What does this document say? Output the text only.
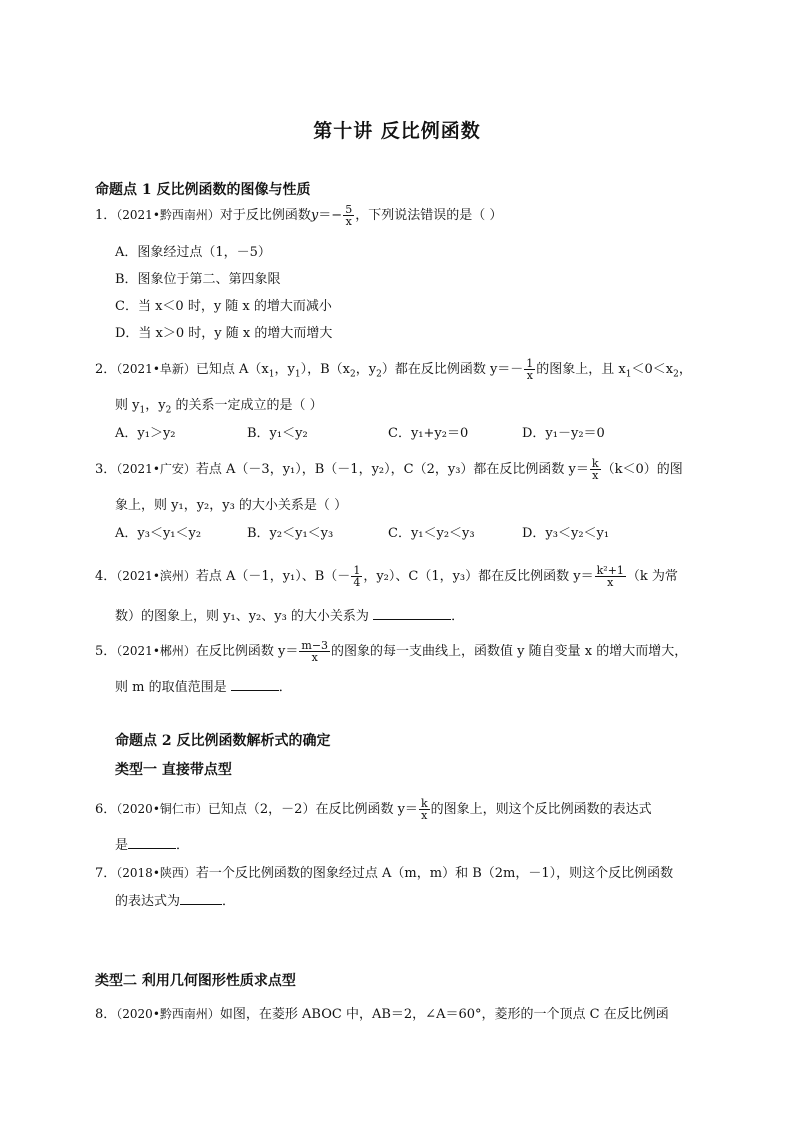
第十讲 反比例函数
命题点 1 反比例函数的图像与性质
1．（2021•黔西南州）对于反比例函数$y=- \frac{5}{x}$ ，下列说法错误的是（ ）
A．图象经过点（1，－5）
B．图象位于第二、第四象限
C．当 x＜0 时，y 随 x 的增大而减小
D．当 x＞0 时，y 随 x 的增大而增大
2．（2021•阜新）已知点 $A(x_1$，$y_1$），$B(x_2$，$y_2$）都在反比例函数 $y=- \frac{1}{x}$ 的图象上，且 $x_1<0<x_2$，
则 $y_1$，$y_2$ 的关系一定成立的是（ ）
A．y₁＞y₂	B．y₁＜y₂	C．y₁+y₂＝0	D．y₁－y₂＝0
3．（2021•广安）若点 A（－3，y₁），B（－1，y₂），C（2，y₃）都在反比例函数 $y= \frac{k}{x} (k<0)$的图
象上，则 y₁，y₂，y₃ 的大小关系是（ ）
A．y₃＜y₁＜y₂	B．y₂＜y₁＜y₃	C．y₁＜y₂＜y₃	D．y₃＜y₂＜y₁
4．（2021•滨州）若点 A（－1，y₁）、$B(- \frac{1}{4}$ ，y₂）、C（1，y₃）都在反比例函数 $y= \frac{\text{k²+1}}{x} (k$ 为常
数）的图象上，则 y₁、y₂、y₃ 的大小关系为	．
5．（2021•郴州）在反比例函数 $y= \frac{m-3}{x}$ 的图象的每一支曲线上，函数值 y 随自变量 x 的增大而增大，
则 m 的取值范围是	．
命题点 2 反比例函数解析式的确定
类型一 直接带点型
6．（2020•铜仁市）已知点（2，－2）在反比例函数 $y= \frac{k}{x}$ 的图象上，则这个反比例函数的表达式
是	．
7．（2018•陕西）若一个反比例函数的图象经过点 A（m，m）和 B（2m，－1），则这个反比例函数
的表达式为	．
类型二 利用几何图形性质求点型
8．（2020•黔西南州）如图，在菱形 ABOC 中，AB＝2，∠A＝60°，菱形的一个顶点 C 在反比例函
